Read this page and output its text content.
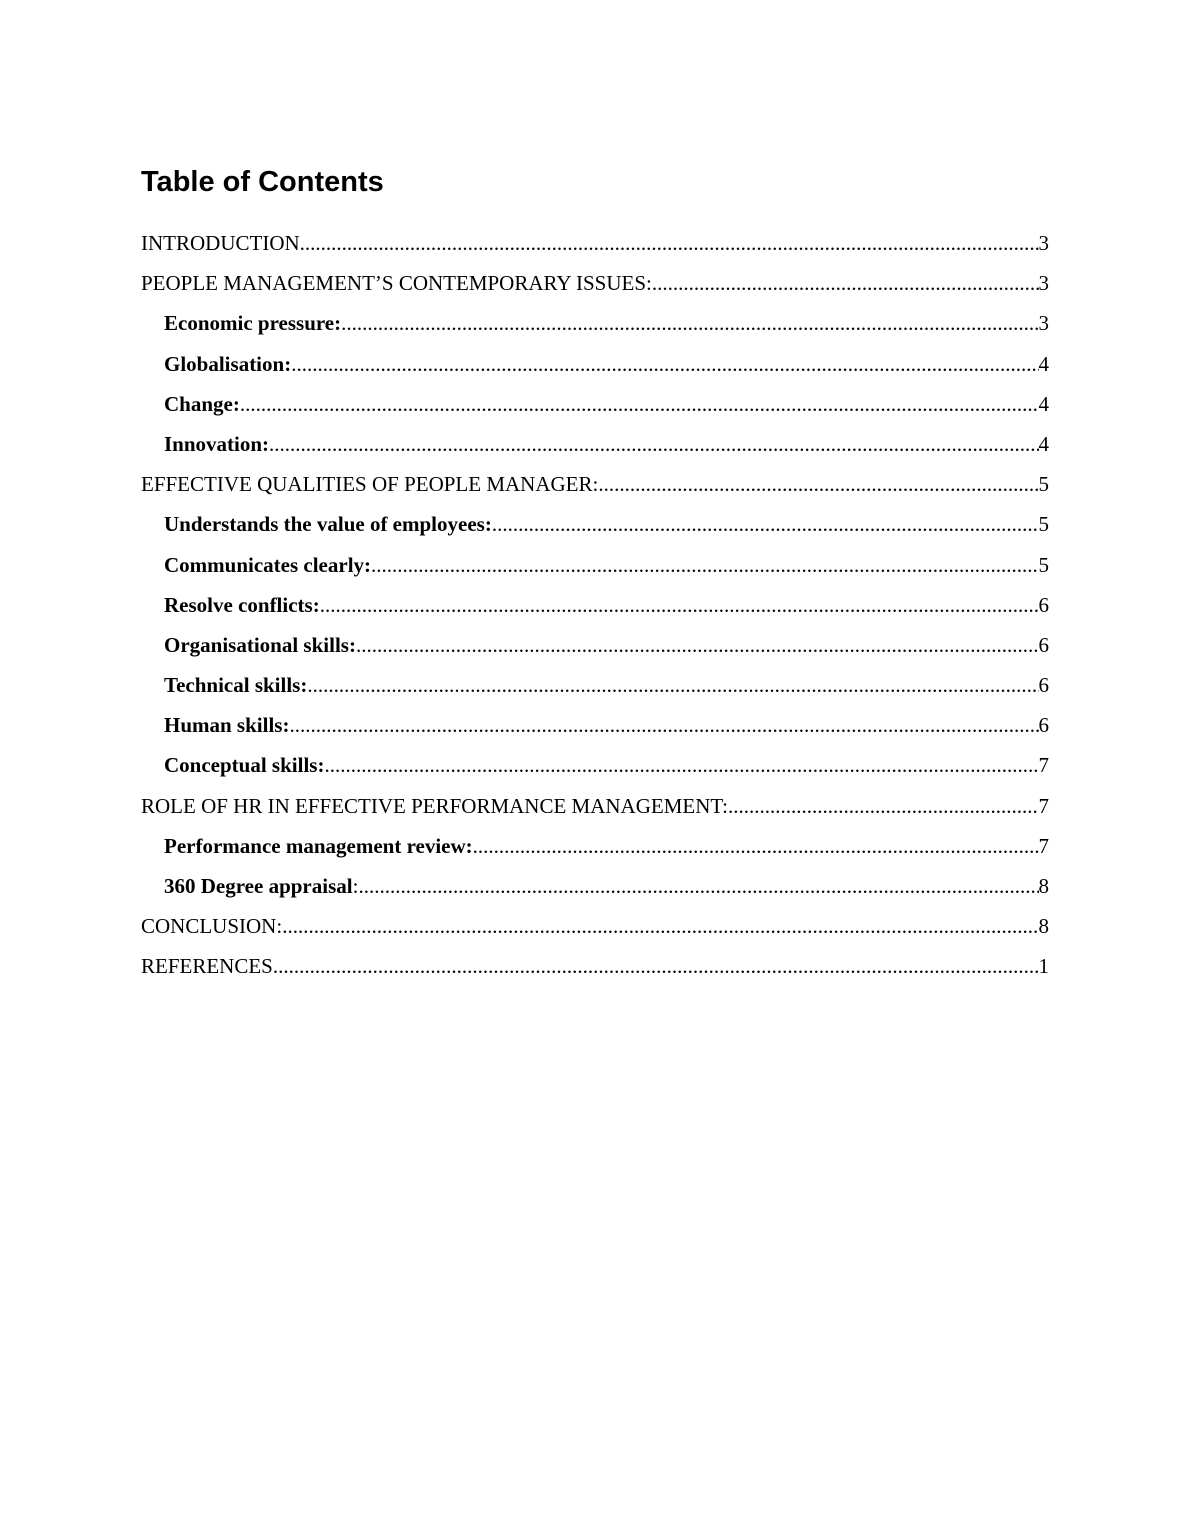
Table of Contents
INTRODUCTION .....	3
PEOPLE MANAGEMENT’S CONTEMPORARY ISSUES: .....	3
Economic pressure: .....	3
Globalisation: .....	4
Change: .....	4
Innovation: .....	4
EFFECTIVE QUALITIES OF PEOPLE MANAGER: .....	5
Understands the value of employees: .....	5
Communicates clearly: .....	5
Resolve conflicts: .....	6
Organisational skills: .....	6
Technical skills: .....	6
Human skills: .....	6
Conceptual skills: .....	7
ROLE OF HR IN EFFECTIVE PERFORMANCE MANAGEMENT: .....	7
Performance management review: .....	7
360 Degree appraisal : .....	8
CONCLUSION: .....	8
REFERENCES .....	1
